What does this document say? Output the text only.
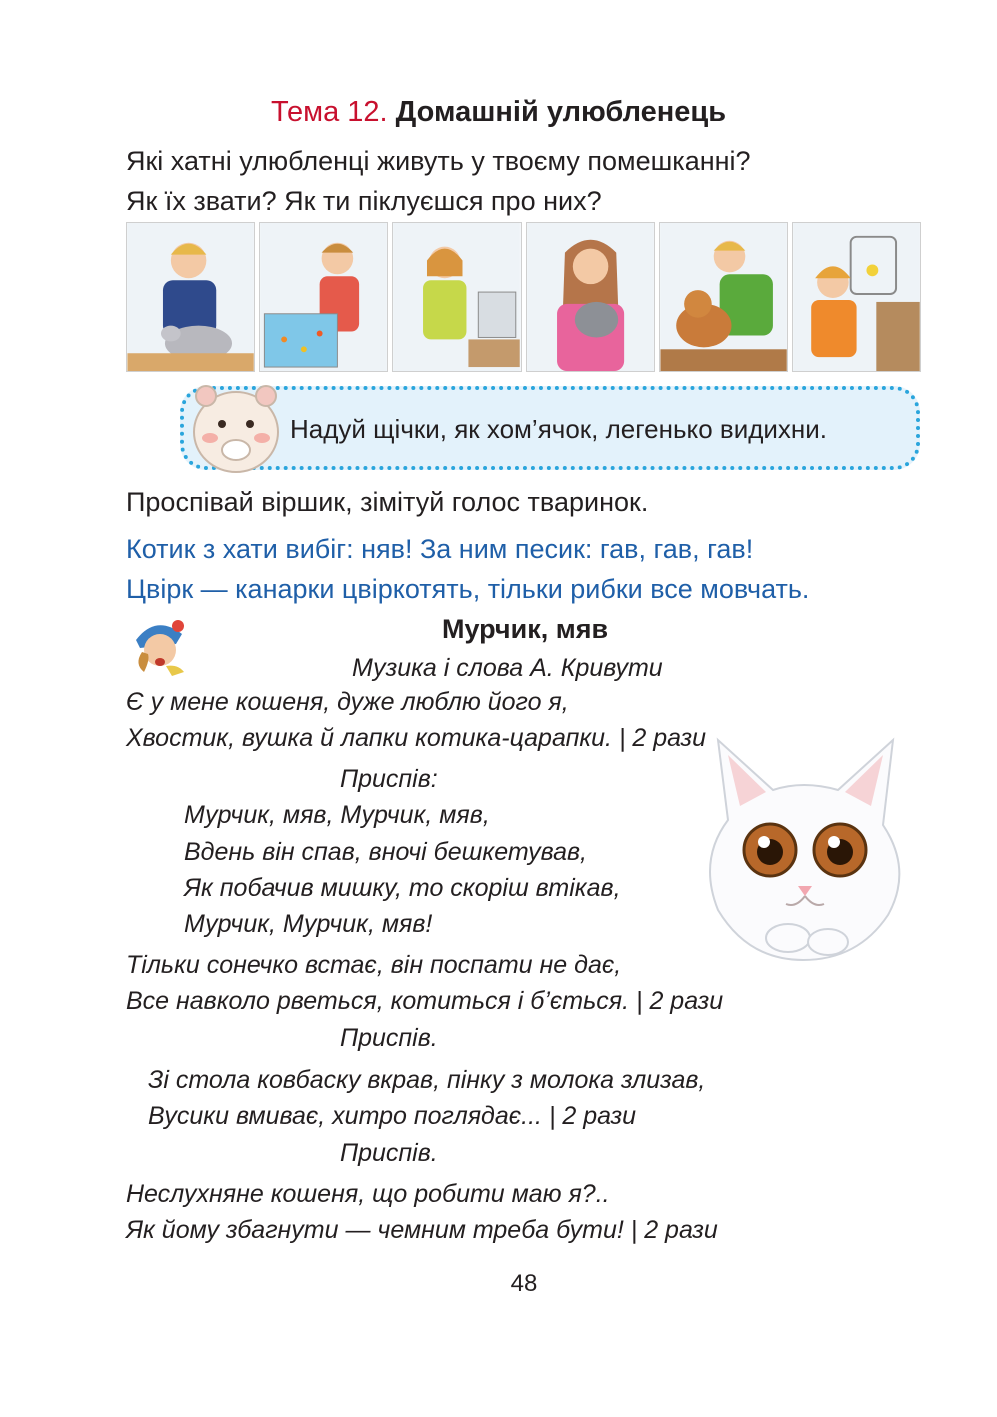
Тема 12. Домашній улюбленець
Які хатні улюбленці живуть у твоєму помешканні?
Як їх звати? Як ти піклуєшся про них?
Надуй щічки, як хом’ячок, легенько видихни.
Проспівай віршик, зімітуй голос тваринок.
Котик з хати вибіг: няв! За ним песик: гав, гав, гав!
Цвірк — канарки цвіркотять, тільки рибки все мовчать.
Мурчик, мяв
Музика і слова А. Кривути
Є у мене кошеня, дуже люблю його я,
Хвостик, вушка й лапки котика-царапки. | 2 рази
Приспів:
Мурчик, мяв, Мурчик, мяв,
Вдень він спав, вночі бешкетував,
Як побачив мишку, то скоріш втікав,
Мурчик, Мурчик, мяв!
Тільки сонечко встає, він поспати не дає,
Все навколо рветься, котиться і б’ється. | 2 рази
Приспів.
Зі стола ковбаску вкрав, пінку з молока злизав,
Вусики вмиває, хитро поглядає... | 2 рази
Приспів.
Неслухняне кошеня, що робити маю я?..
Як йому збагнути — чемним треба бути! | 2 рази
48
